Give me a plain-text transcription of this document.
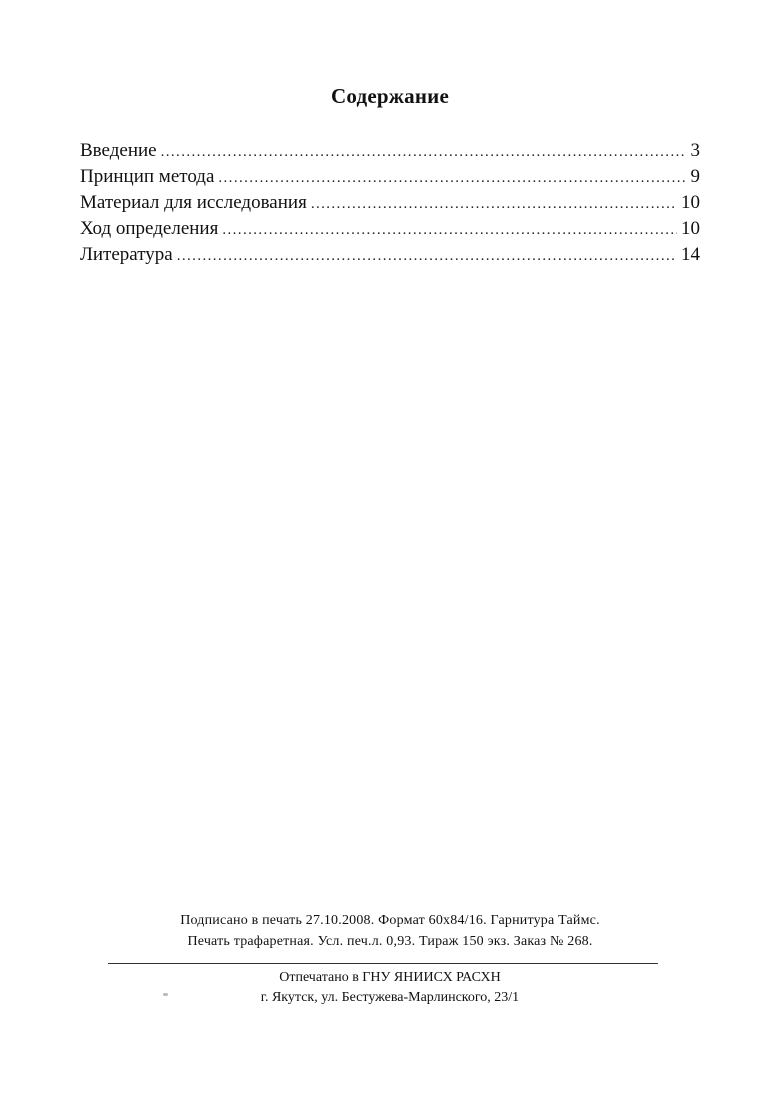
Содержание
Введение .....	3
Принцип метода .....	9
Материал для исследования .....	10
Ход определения .....	10
Литература .....	14
Подписано в печать 27.10.2008. Формат 60х84/16. Гарнитура Таймс.
Печать трафаретная. Усл. печ.л. 0,93. Тираж 150 экз. Заказ № 268.
Отпечатано в ГНУ ЯНИИСХ РАСХН
г. Якутск, ул. Бестужева-Марлинского, 23/1
